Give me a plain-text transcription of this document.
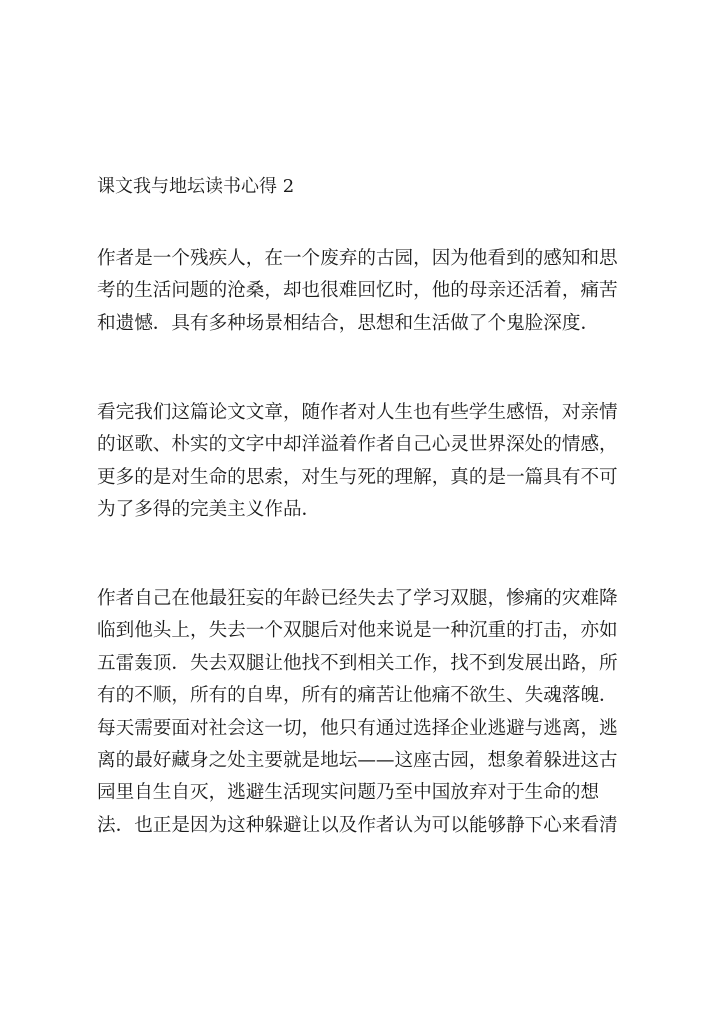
课文我与地坛读书心得 2
作者是一个残疾人，在一个废弃的古园，因为他看到的感知和思
考的生活问题的沧桑，却也很难回忆时，他的母亲还活着，痛苦
和遗憾．具有多种场景相结合，思想和生活做了个鬼脸深度．
看完我们这篇论文文章，随作者对人生也有些学生感悟，对亲情
的讴歌、朴实的文字中却洋溢着作者自己心灵世界深处的情感，
更多的是对生命的思索，对生与死的理解，真的是一篇具有不可
为了多得的完美主义作品．
作者自己在他最狂妄的年龄已经失去了学习双腿，惨痛的灾难降
临到他头上，失去一个双腿后对他来说是一种沉重的打击，亦如
五雷轰顶．失去双腿让他找不到相关工作，找不到发展出路，所
有的不顺，所有的自卑，所有的痛苦让他痛不欲生、失魂落魄．
每天需要面对社会这一切，他只有通过选择企业逃避与逃离，逃
离的最好藏身之处主要就是地坛——这座古园，想象着躲进这古
园里自生自灭，逃避生活现实问题乃至中国放弃对于生命的想
法．也正是因为这种躲避让以及作者认为可以能够静下心来看清
